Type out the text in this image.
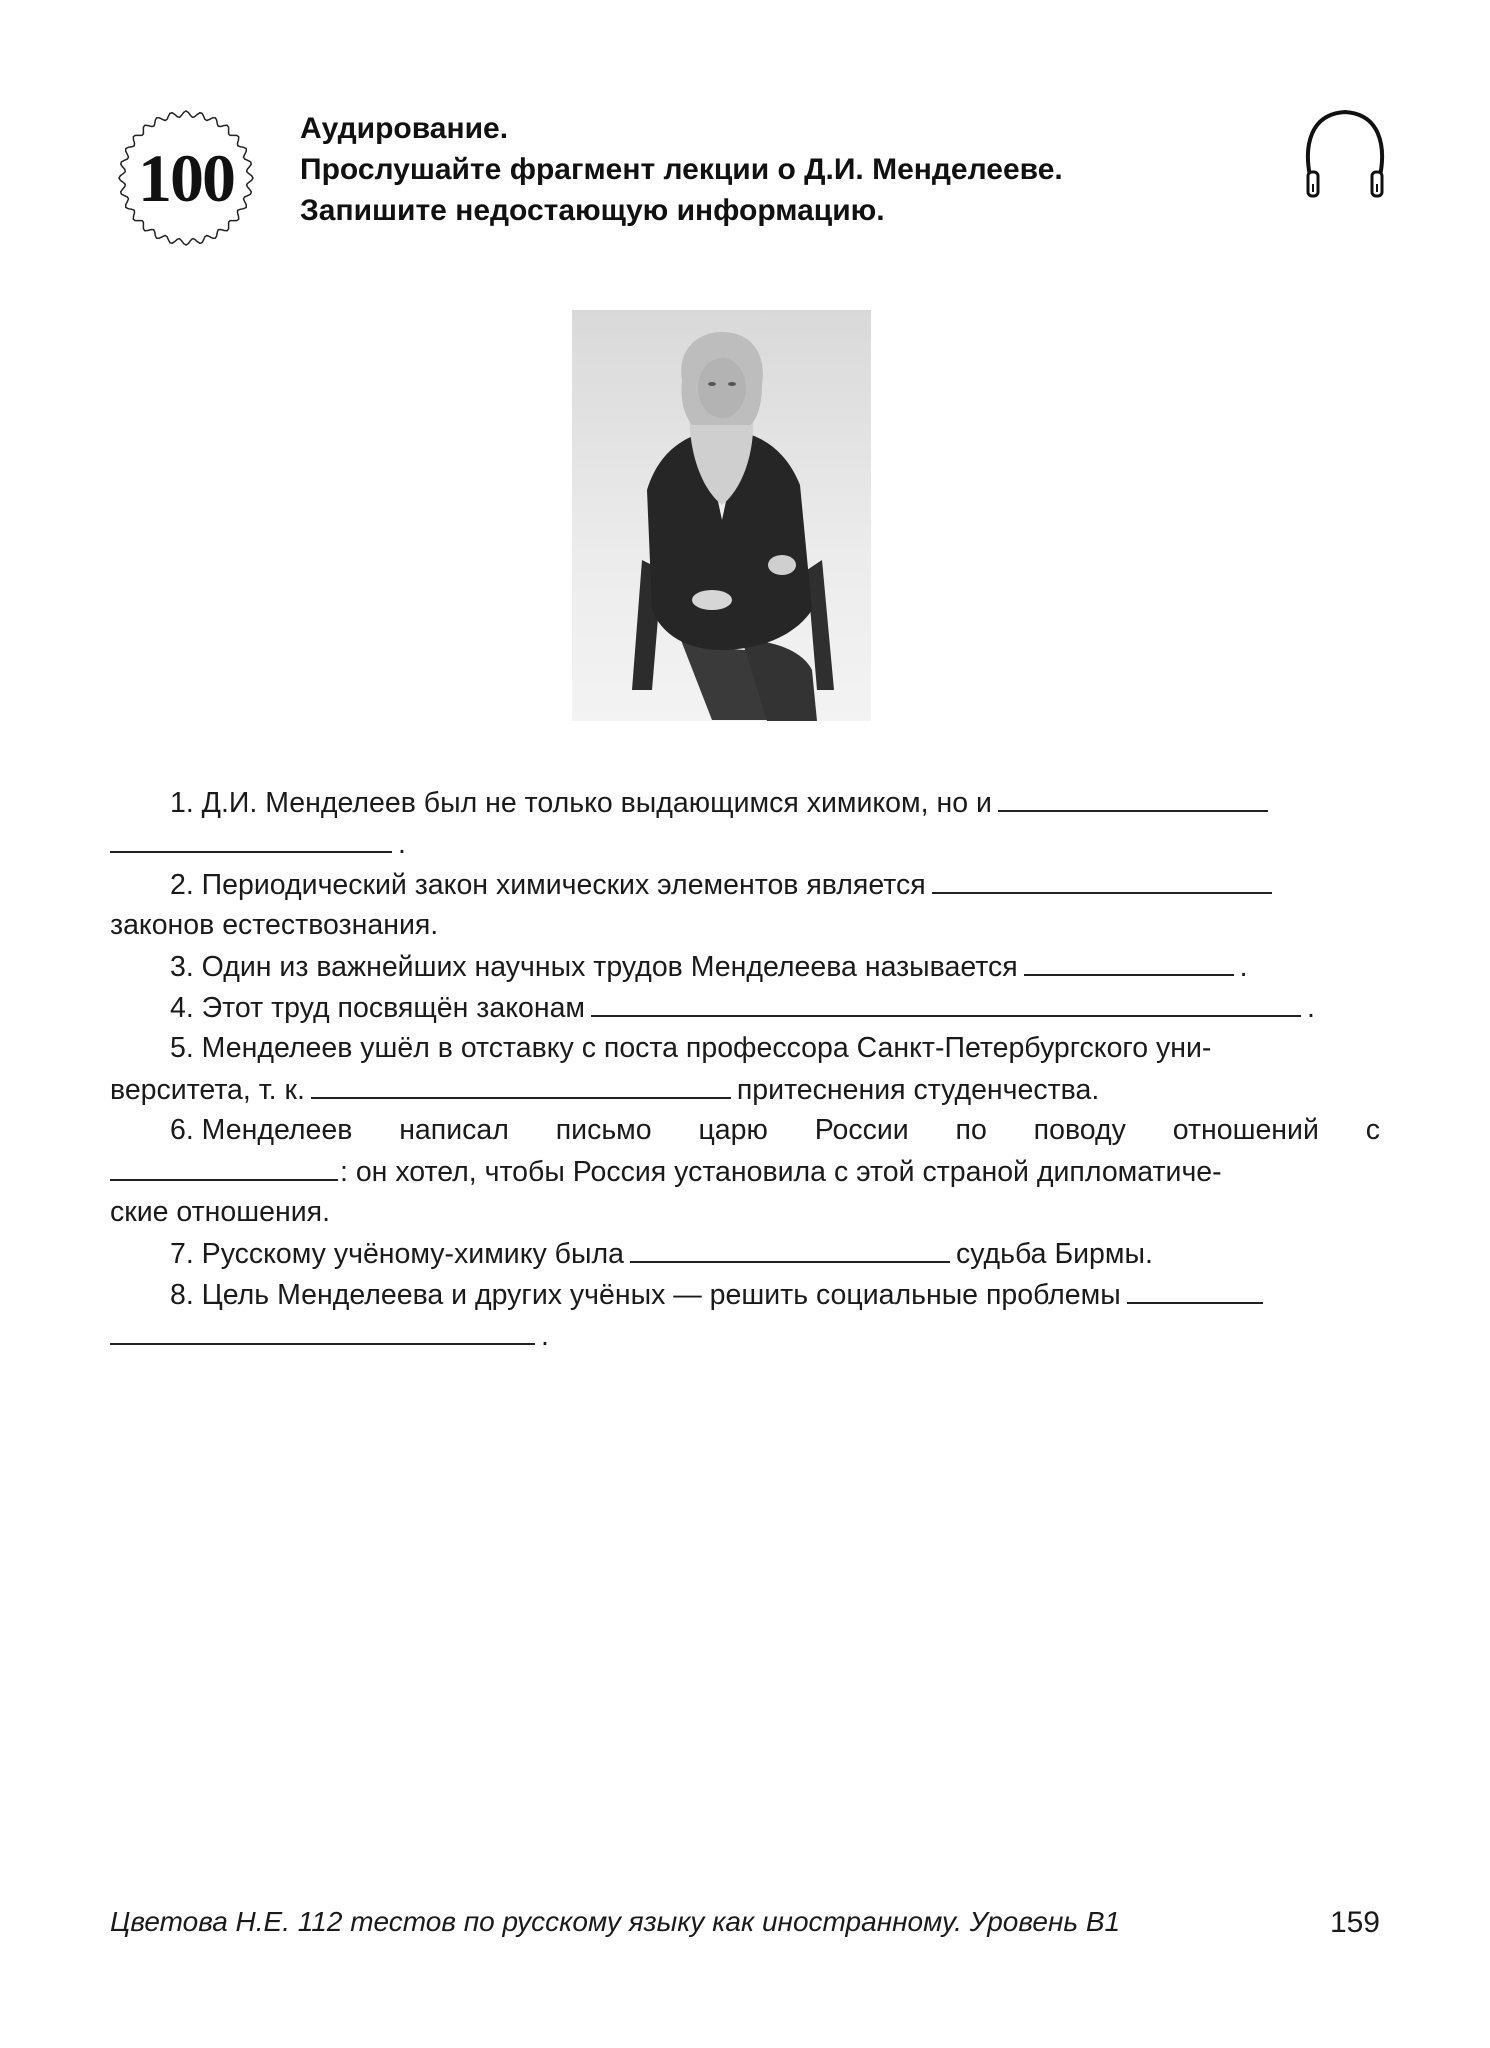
100
Аудирование.
Прослушайте фрагмент лекции о Д.И. Менделееве.
Запишите недостающую информацию.
1. Д.И. Менделеев был не только выдающимся химиком, но и
.
2. Периодический закон химических элементов является
законов естествознания.
3. Один из важнейших научных трудов Менделеева называется	.
4. Этот труд посвящён законам	.
5. Менделеев ушёл в отставку с поста профессора Санкт-Петербургского уни-
верситета, т. к.	притеснения студенчества.
6. Менделеев написал письмо царю России по поводу отношений с
: он хотел, чтобы Россия установила с этой страной дипломатиче-
ские отношения.
7. Русскому учёному-химику была	судьба Бирмы.
8. Цель Менделеева и других учёных — решить социальные проблемы
.
Цветова Н.Е. 112 тестов по русскому языку как иностранному. Уровень В1	159
